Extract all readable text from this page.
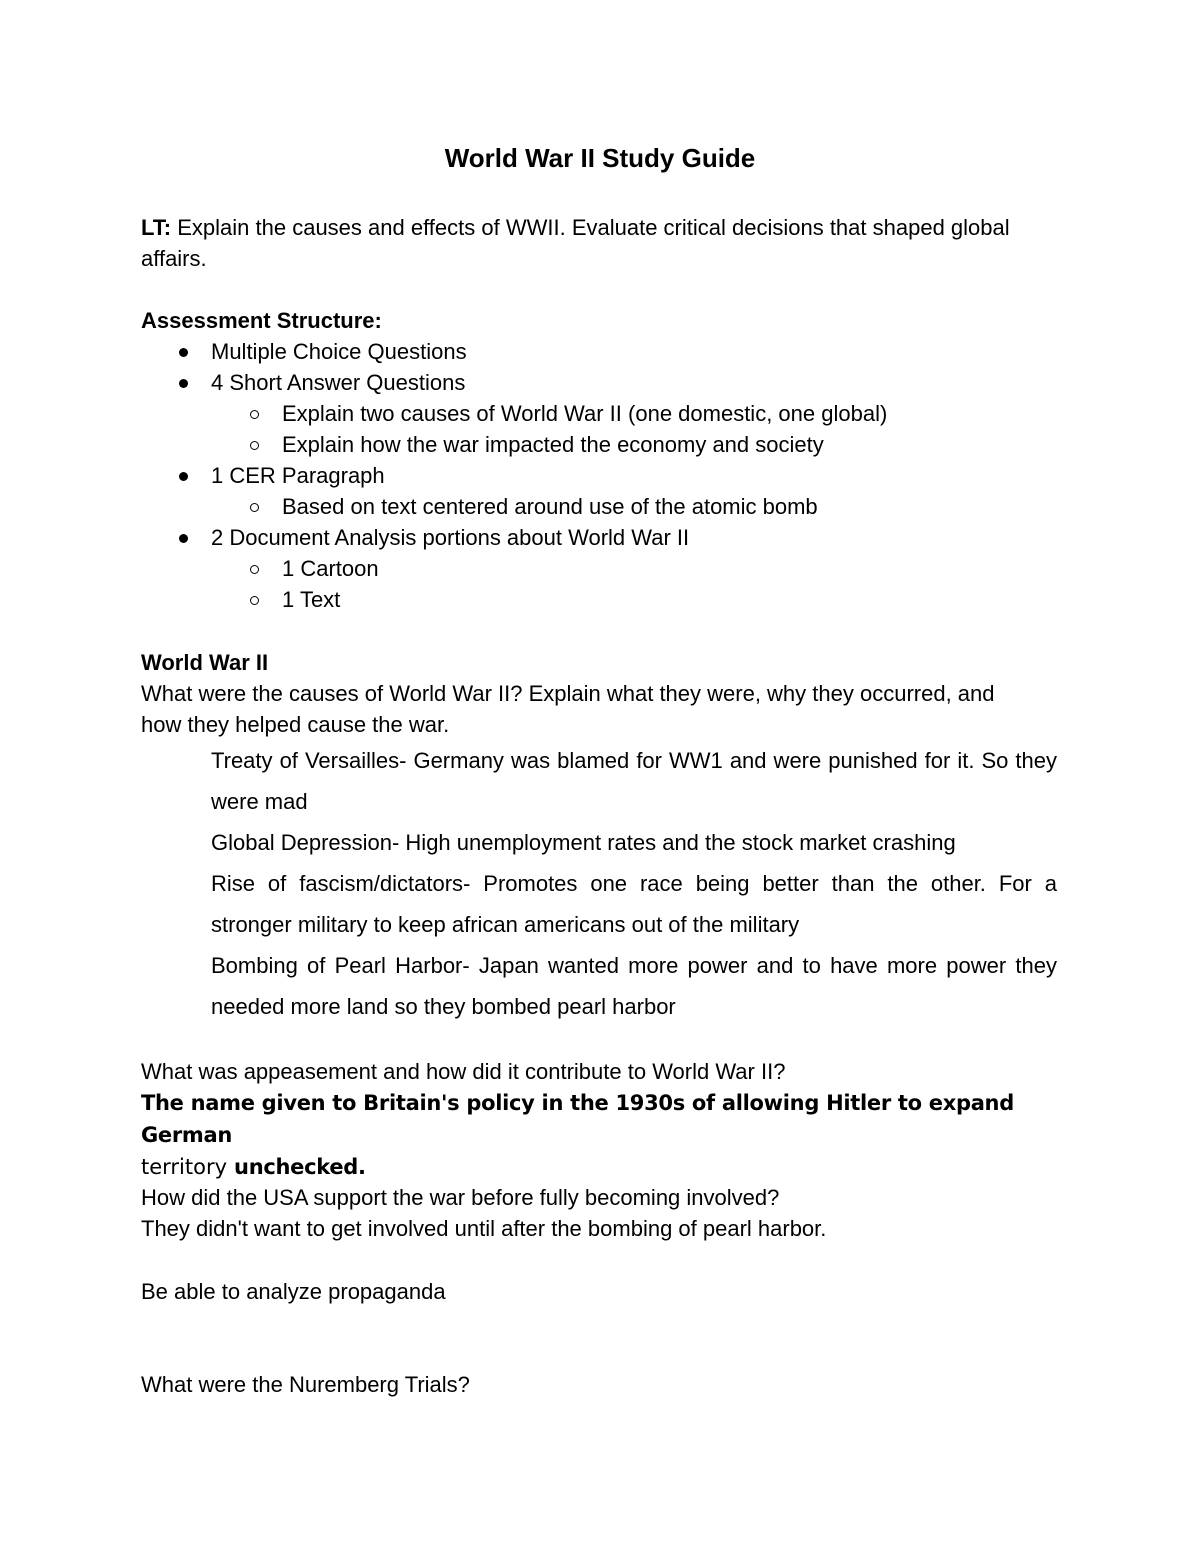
World War II Study Guide

LT: Explain the causes and effects of WWII. Evaluate critical decisions that shaped global affairs.

Assessment Structure:
Multiple Choice Questions
4 Short Answer Questions
Explain two causes of World War II (one domestic, one global)
Explain how the war impacted the economy and society
1 CER Paragraph
Based on text centered around use of the atomic bomb
2 Document Analysis portions about World War II
1 Cartoon
1 Text
World War II
What were the causes of World War II? Explain what they were, why they occurred, and how they helped cause the war.

Treaty of Versailles- Germany was blamed for WW1 and were punished for it. So they were mad

Global Depression- High unemployment rates and the stock market crashing

Rise of fascism/dictators- Promotes one race being better than the other. For a stronger military to keep african americans out of the military

Bombing of Pearl Harbor- Japan wanted more power and to have more power they needed more land so they bombed pearl harbor

What was appeasement and how did it contribute to World War II?
The name given to Britain's policy in the 1930s of allowing Hitler to expand German
territory unchecked.
How did the USA support the war before fully becoming involved?
They didn't want to get involved until after the bombing of pearl harbor.
Be able to analyze propaganda
What were the Nuremberg Trials?
